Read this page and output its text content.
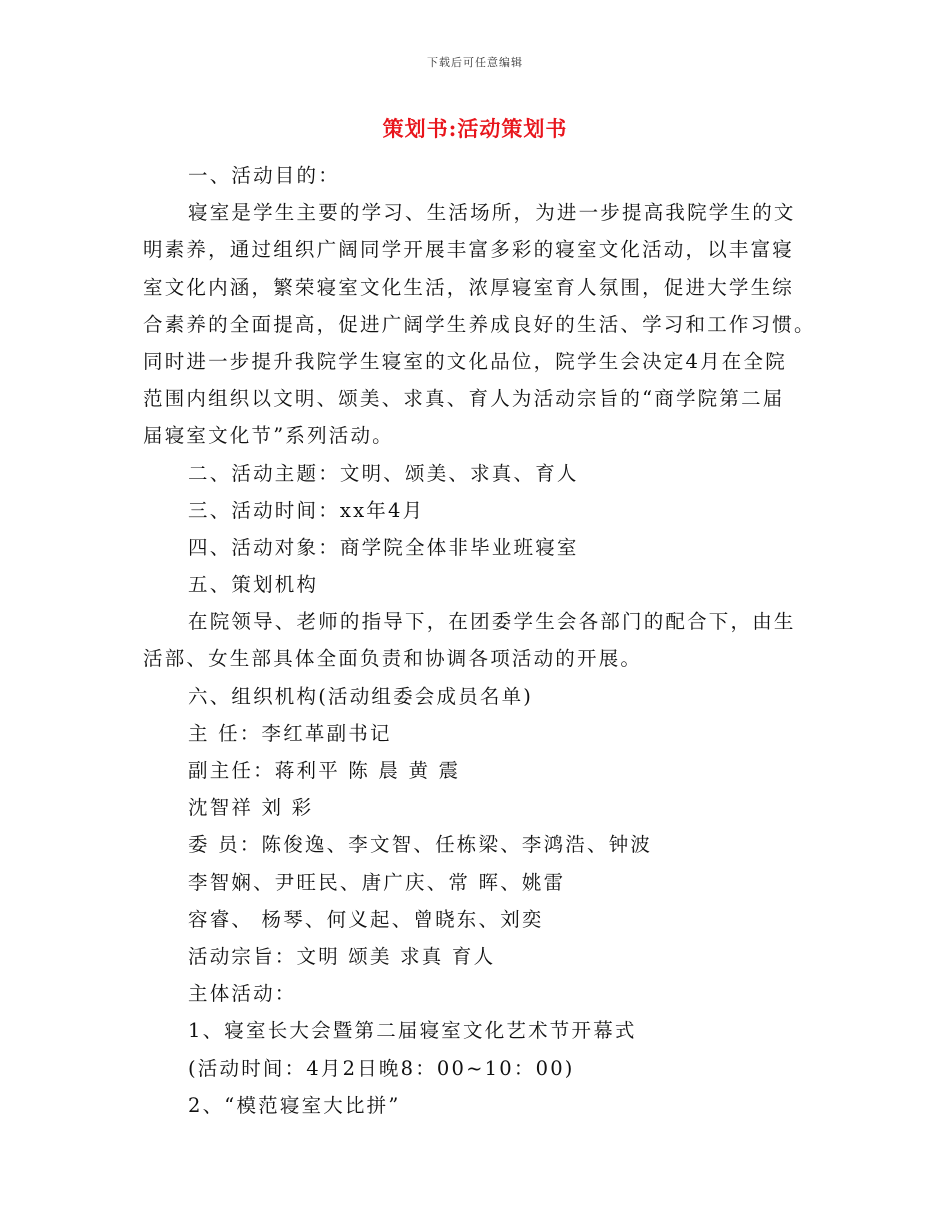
下载后可任意编辑
策划书:活动策划书
一、活动目的：
寝室是学生主要的学习、生活场所，为进一步提高我院学生的文
明素养，通过组织广阔同学开展丰富多彩的寝室文化活动，以丰富寝
室文化内涵，繁荣寝室文化生活，浓厚寝室育人氛围，促进大学生综
合素养的全面提高，促进广阔学生养成良好的生活、学习和工作习惯。
同时进一步提升我院学生寝室的文化品位，院学生会决定4月在全院
范围内组织以文明、颂美、求真、育人为活动宗旨的“商学院第二届
届寝室文化节”系列活动。
二、活动主题：文明、颂美、求真、育人
三、活动时间：xx年4月
四、活动对象：商学院全体非毕业班寝室
五、策划机构
在院领导、老师的指导下，在团委学生会各部门的配合下，由生
活部、女生部具体全面负责和协调各项活动的开展。
六、组织机构(活动组委会成员名单)
主 任：李红革副书记
副主任：蒋利平 陈 晨 黄 震
沈智祥 刘 彩
委 员：陈俊逸、李文智、任栋梁、李鸿浩、钟波
李智娴、尹旺民、唐广庆、常 晖、姚雷
容睿、 杨琴、何义起、曾晓东、刘奕
活动宗旨：文明 颂美 求真 育人
主体活动：
1、寝室长大会暨第二届寝室文化艺术节开幕式
(活动时间：4月2日晚8：00~10：00)
2、“模范寝室大比拼”
